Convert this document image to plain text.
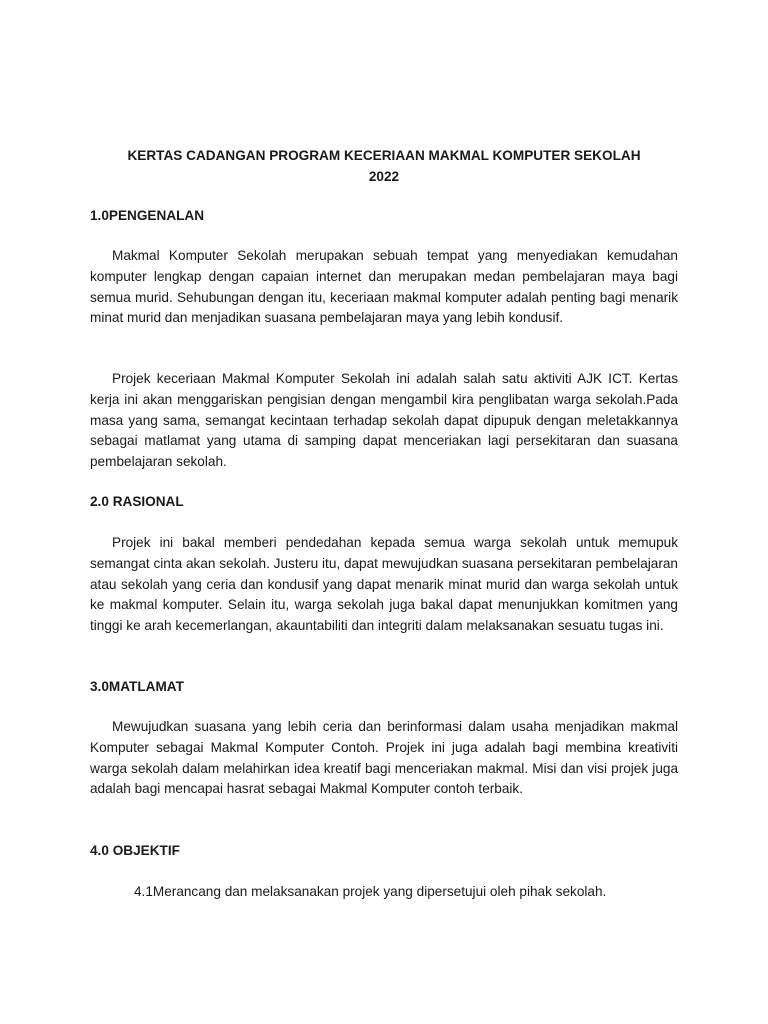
KERTAS CADANGAN PROGRAM KECERIAAN MAKMAL KOMPUTER SEKOLAH
2022
1.0PENGENALAN

Makmal Komputer Sekolah merupakan sebuah tempat yang menyediakan kemudahan komputer lengkap dengan capaian internet dan merupakan medan pembelajaran maya bagi semua murid. Sehubungan dengan itu, keceriaan makmal komputer adalah penting bagi menarik minat murid dan menjadikan suasana pembelajaran maya yang lebih kondusif.

Projek keceriaan Makmal Komputer Sekolah ini adalah salah satu aktiviti AJK ICT. Kertas kerja ini akan menggariskan pengisian dengan mengambil kira penglibatan warga sekolah.Pada masa yang sama, semangat kecintaan terhadap sekolah dapat dipupuk dengan meletakkannya sebagai matlamat yang utama di samping dapat menceriakan lagi persekitaran dan suasana pembelajaran sekolah.

2.0 RASIONAL

Projek ini bakal memberi pendedahan kepada semua warga sekolah untuk memupuk semangat cinta akan sekolah. Justeru itu, dapat mewujudkan suasana persekitaran pembelajaran atau sekolah yang ceria dan kondusif yang dapat menarik minat murid dan warga sekolah untuk ke makmal komputer. Selain itu, warga sekolah juga bakal dapat menunjukkan komitmen yang tinggi ke arah kecemerlangan, akauntabiliti dan integriti dalam melaksanakan sesuatu tugas ini.

3.0MATLAMAT

Mewujudkan suasana yang lebih ceria dan berinformasi dalam usaha menjadikan makmal Komputer sebagai Makmal Komputer Contoh. Projek ini juga adalah bagi membina kreativiti warga sekolah dalam melahirkan idea kreatif bagi menceriakan makmal. Misi dan visi projek juga adalah bagi mencapai hasrat sebagai Makmal Komputer contoh terbaik.

4.0 OBJEKTIF

4.1Merancang dan melaksanakan projek yang dipersetujui oleh pihak sekolah.
